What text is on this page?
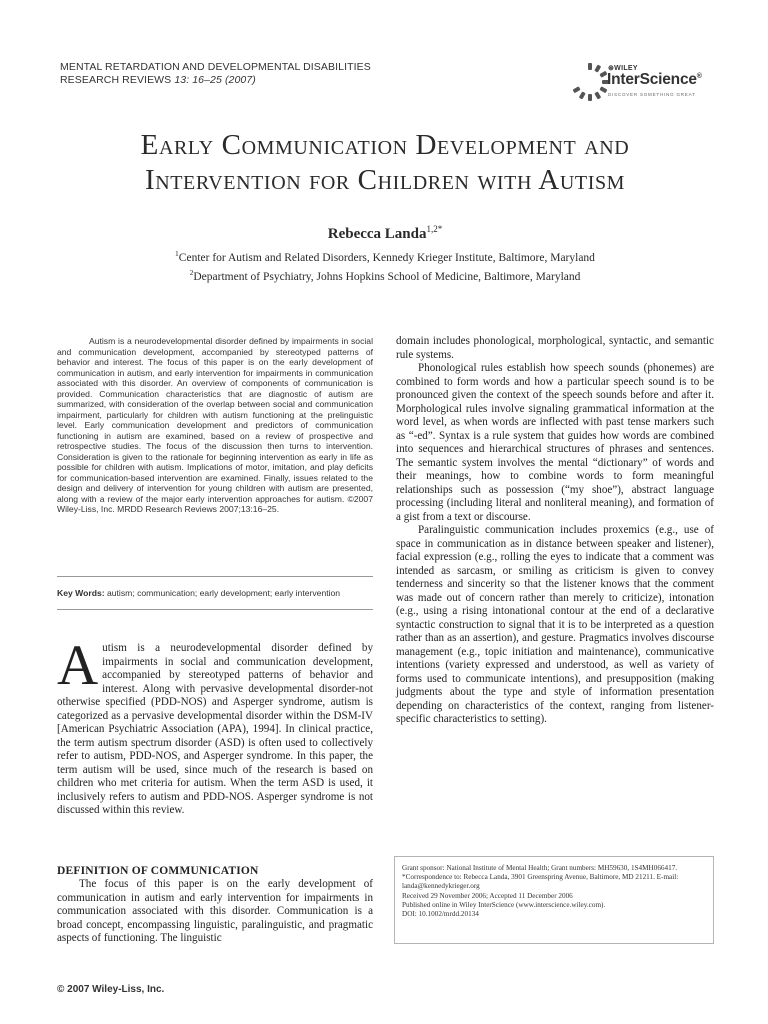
MENTAL RETARDATION AND DEVELOPMENTAL DISABILITIES
RESEARCH REVIEWS 13: 16–25 (2007)
⊛WILEY
InterScience®
DISCOVER SOMETHING GREAT
Early Communication Development and
Intervention for Children with Autism
Rebecca Landa$^{1,2*}$
$^1$Center for Autism and Related Disorders, Kennedy Krieger Institute, Baltimore, Maryland
$^2$Department of Psychiatry, Johns Hopkins School of Medicine, Baltimore, Maryland
Autism is a neurodevelopmental disorder defined by impairments in social and communication development, accompanied by stereotyped patterns of behavior and interest. The focus of this paper is on the early development of communication in autism, and early intervention for impairments in communication associated with this disorder. An overview of components of communication is provided. Communication characteristics that are diagnostic of autism are summarized, with consideration of the overlap between social and communication impairment, particularly for children with autism functioning at the prelinguistic level. Early communication development and predictors of communication functioning in autism are examined, based on a review of prospective and retrospective studies. The focus of the discussion then turns to intervention. Consideration is given to the rationale for beginning intervention as early in life as possible for children with autism. Implications of motor, imitation, and play deficits for communication-based intervention are examined. Finally, issues related to the design and delivery of intervention for young children with autism are presented, along with a review of the major early intervention approaches for autism. ©2007 Wiley-Liss, Inc. MRDD Research Reviews 2007;13:16–25.
Key Words: autism; communication; early development; early intervention
Autism is a neurodevelopmental disorder defined by impairments in social and communication development, accompanied by stereotyped patterns of behavior and interest. Along with pervasive developmental disorder-not otherwise specified (PDD-NOS) and Asperger syndrome, autism is categorized as a pervasive developmental disorder within the DSM-IV [American Psychiatric Association (APA), 1994]. In clinical practice, the term autism spectrum disorder (ASD) is often used to collectively refer to autism, PDD-NOS, and Asperger syndrome. In this paper, the term autism will be used, since much of the research is based on children who met criteria for autism. When the term ASD is used, it inclusively refers to autism and PDD-NOS. Asperger syndrome is not discussed within this review.
DEFINITION OF COMMUNICATION

The focus of this paper is on the early development of communication in autism and early intervention for impairments in communication associated with this disorder. Communication is a broad concept, encompassing linguistic, paralinguistic, and pragmatic aspects of functioning. The linguistic

domain includes phonological, morphological, syntactic, and semantic rule systems.

Phonological rules establish how speech sounds (phonemes) are combined to form words and how a particular speech sound is to be pronounced given the context of the speech sounds before and after it. Morphological rules involve signaling grammatical information at the word level, as when words are inflected with past tense markers such as “-ed”. Syntax is a rule system that guides how words are combined into sequences and hierarchical structures of phrases and sentences. The semantic system involves the mental “dictionary” of words and their meanings, how to combine words to form meaningful relationships such as possession (“my shoe”), abstract language processing (including literal and nonliteral meaning), and formation of a gist from a text or discourse.

Paralinguistic communication includes proxemics (e.g., use of space in communication as in distance between speaker and listener), facial expression (e.g., rolling the eyes to indicate that a comment was intended as sarcasm, or smiling as criticism is given to convey tenderness and sincerity so that the listener knows that the comment was made out of concern rather than merely to criticize), intonation (e.g., using a rising intonational contour at the end of a declarative syntactic construction to signal that it is to be interpreted as a question rather than as an assertion), and gesture. Pragmatics involves discourse management (e.g., topic initiation and maintenance), communicative intentions (variety expressed and understood, as well as variety of forms used to communicate intentions), and presupposition (making judgments about the type and style of information presentation depending on characteristics of the context, ranging from listener-specific characteristics to setting).

Grant sponsor: National Institute of Mental Health; Grant numbers: MH59630, 1S4MH066417.
*Correspondence to: Rebecca Landa, 3901 Greenspring Avenue, Baltimore, MD 21211. E-mail: landa@kennedykrieger.org
Received 29 November 2006; Accepted 11 December 2006
Published online in Wiley InterScience (www.interscience.wiley.com).
DOI: 10.1002/mrdd.20134
© 2007 Wiley-Liss, Inc.
